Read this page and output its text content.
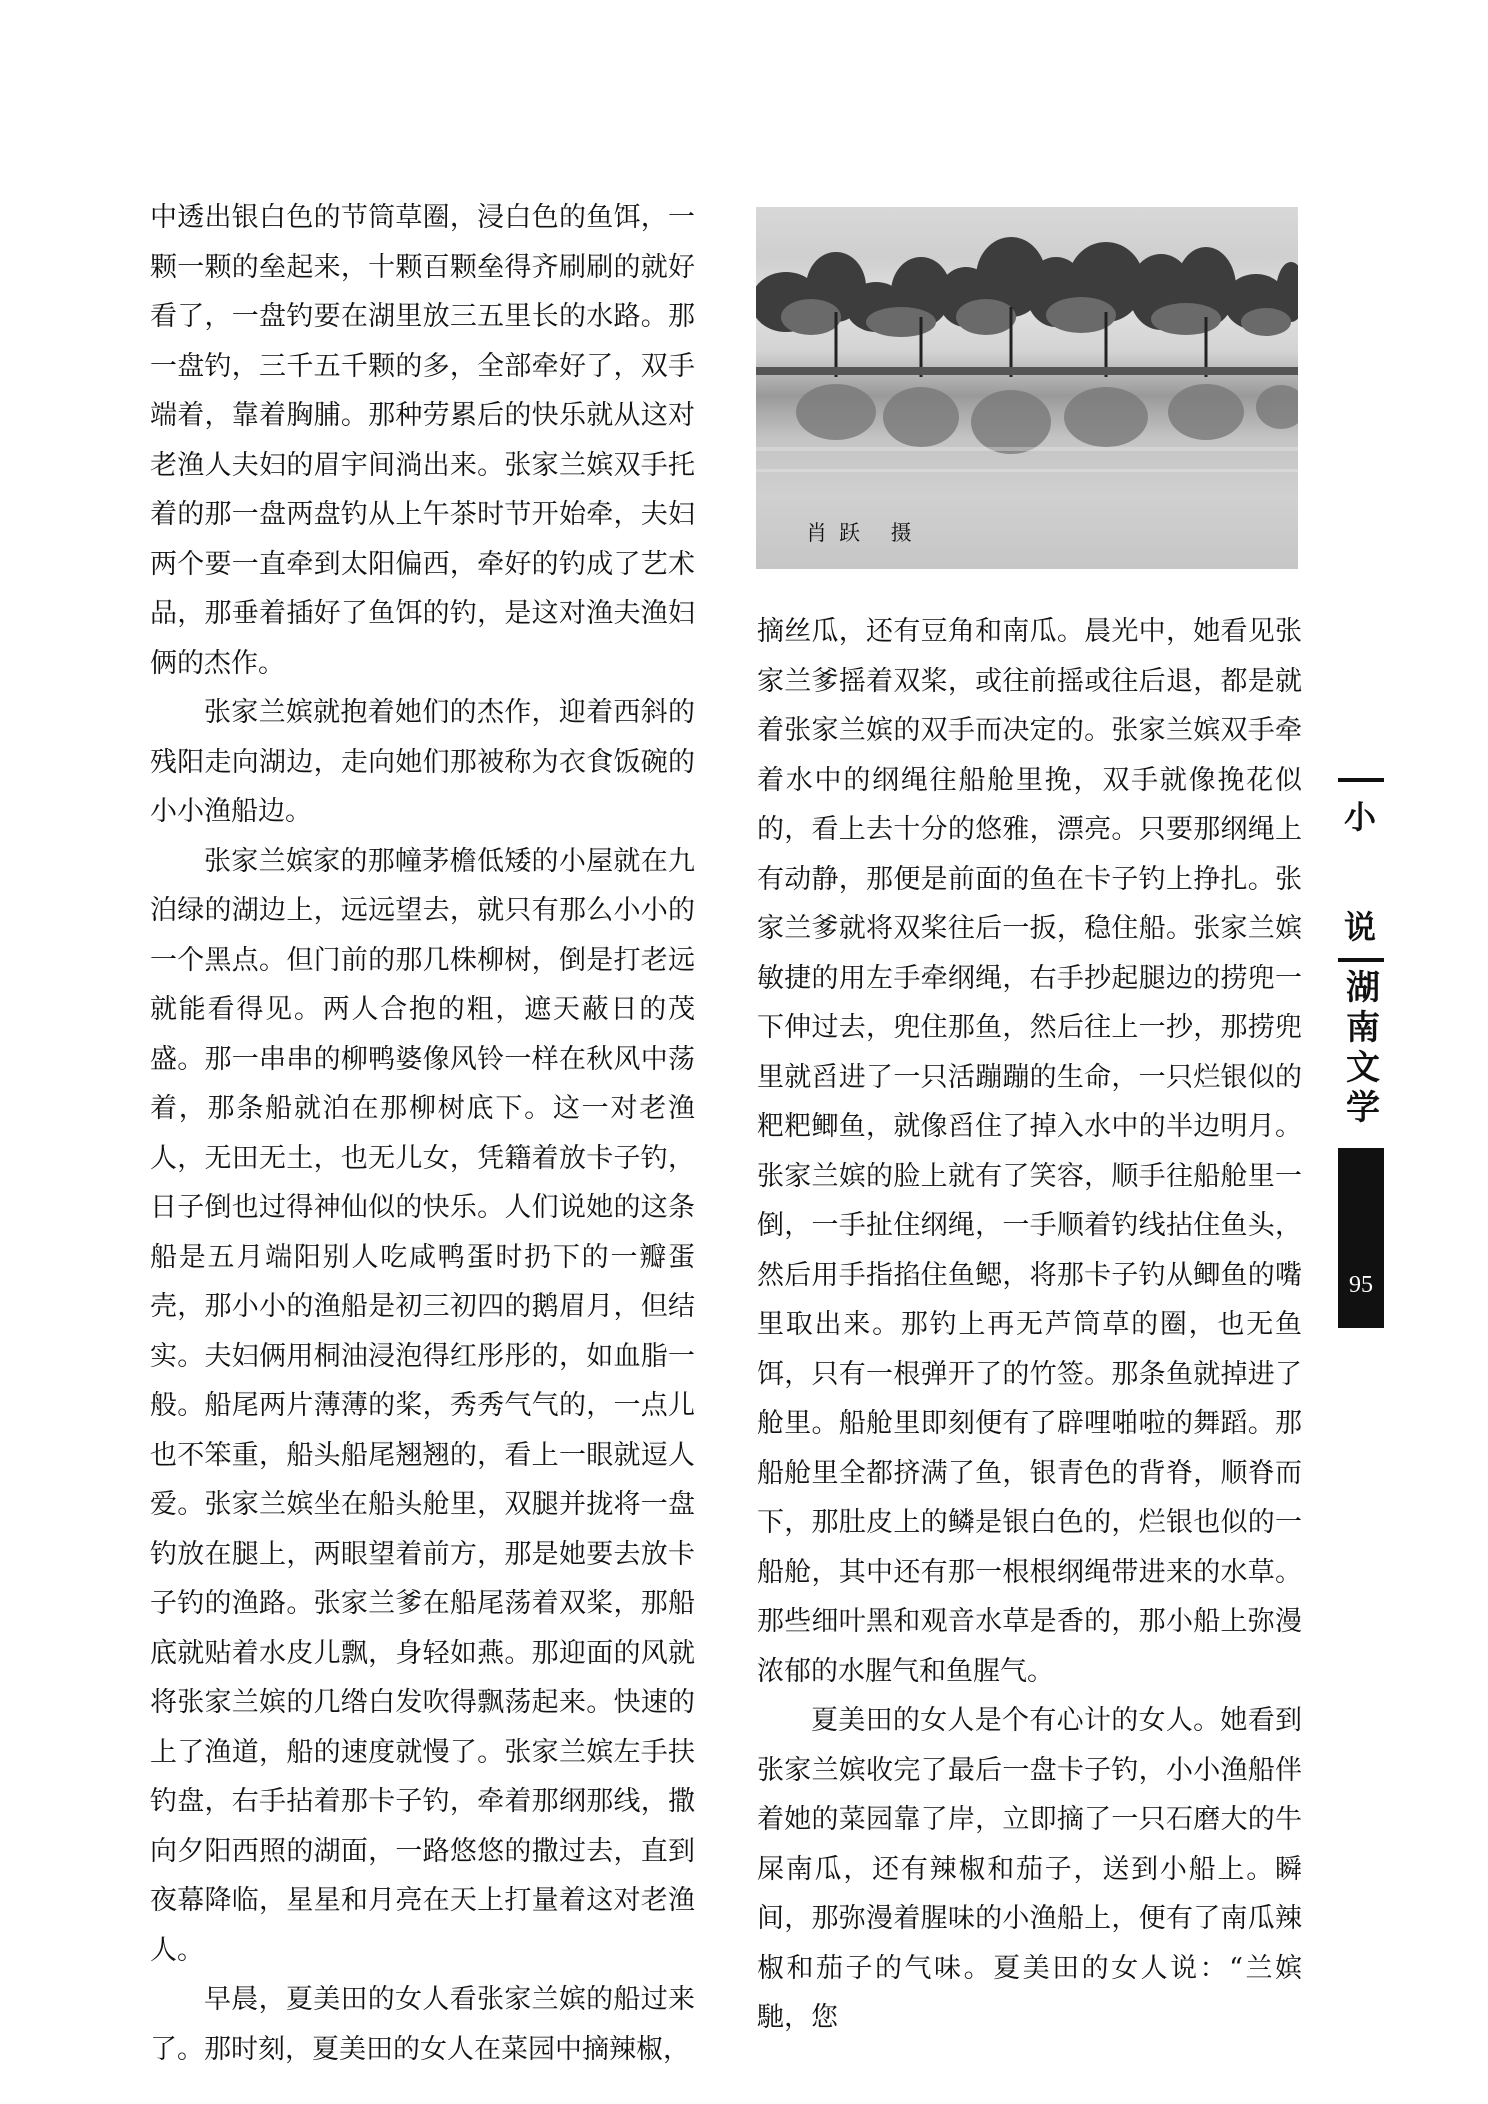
中透出银白色的节筒草圈，浸白色的鱼饵，一颗一颗的垒起来，十颗百颗垒得齐刷刷的就好看了，一盘钓要在湖里放三五里长的水路。那一盘钓，三千五千颗的多，全部牵好了，双手端着，靠着胸脯。那种劳累后的快乐就从这对老渔人夫妇的眉宇间淌出来。张家兰嫔双手托着的那一盘两盘钓从上午茶时节开始牵，夫妇两个要一直牵到太阳偏西，牵好的钓成了艺术品，那垂着插好了鱼饵的钓，是这对渔夫渔妇俩的杰作。

张家兰嫔就抱着她们的杰作，迎着西斜的残阳走向湖边，走向她们那被称为衣食饭碗的小小渔船边。

张家兰嫔家的那幢茅檐低矮的小屋就在九泊绿的湖边上，远远望去，就只有那么小小的一个黑点。但门前的那几株柳树，倒是打老远就能看得见。两人合抱的粗，遮天蔽日的茂盛。那一串串的柳鸭婆像风铃一样在秋风中荡着，那条船就泊在那柳树底下。这一对老渔人，无田无土，也无儿女，凭籍着放卡子钓，日子倒也过得神仙似的快乐。人们说她的这条船是五月端阳别人吃咸鸭蛋时扔下的一瓣蛋壳，那小小的渔船是初三初四的鹅眉月，但结实。夫妇俩用桐油浸泡得红彤彤的，如血脂一般。船尾两片薄薄的桨，秀秀气气的，一点儿也不笨重，船头船尾翘翘的，看上一眼就逗人爱。张家兰嫔坐在船头舱里，双腿并拢将一盘钓放在腿上，两眼望着前方，那是她要去放卡子钓的渔路。张家兰爹在船尾荡着双桨，那船底就贴着水皮儿飘，身轻如燕。那迎面的风就将张家兰嫔的几绺白发吹得飘荡起来。快速的上了渔道，船的速度就慢了。张家兰嫔左手扶钓盘，右手拈着那卡子钓，牵着那纲那线，撒向夕阳西照的湖面，一路悠悠的撒过去，直到夜幕降临，星星和月亮在天上打量着这对老渔人。

早晨，夏美田的女人看张家兰嫔的船过来了。那时刻，夏美田的女人在菜园中摘辣椒，

肖跃 摄

摘丝瓜，还有豆角和南瓜。晨光中，她看见张家兰爹摇着双桨，或往前摇或往后退，都是就着张家兰嫔的双手而决定的。张家兰嫔双手牵着水中的纲绳往船舱里挽，双手就像挽花似的，看上去十分的悠雅，漂亮。只要那纲绳上有动静，那便是前面的鱼在卡子钓上挣扎。张家兰爹就将双桨往后一扳，稳住船。张家兰嫔敏捷的用左手牵纲绳，右手抄起腿边的捞兜一下伸过去，兜住那鱼，然后往上一抄，那捞兜里就舀进了一只活蹦蹦的生命，一只烂银似的粑粑鲫鱼，就像舀住了掉入水中的半边明月。张家兰嫔的脸上就有了笑容，顺手往船舱里一倒，一手扯住纲绳，一手顺着钓线拈住鱼头，然后用手指掐住鱼鳃，将那卡子钓从鲫鱼的嘴里取出来。那钓上再无芦筒草的圈，也无鱼饵，只有一根弹开了的竹签。那条鱼就掉进了舱里。船舱里即刻便有了辟哩啪啦的舞蹈。那船舱里全都挤满了鱼，银青色的背脊，顺脊而下，那肚皮上的鳞是银白色的，烂银也似的一船舱，其中还有那一根根纲绳带进来的水草。那些细叶黑和观音水草是香的，那小船上弥漫浓郁的水腥气和鱼腥气。

夏美田的女人是个有心计的女人。她看到张家兰嫔收完了最后一盘卡子钓，小小渔船伴着她的菜园靠了岸，立即摘了一只石磨大的牛屎南瓜，还有辣椒和茄子，送到小船上。瞬间，那弥漫着腥味的小渔船上，便有了南瓜辣椒和茄子的气味。夏美田的女人说：“兰嫔馳，您

小
说
湖南文学
95
